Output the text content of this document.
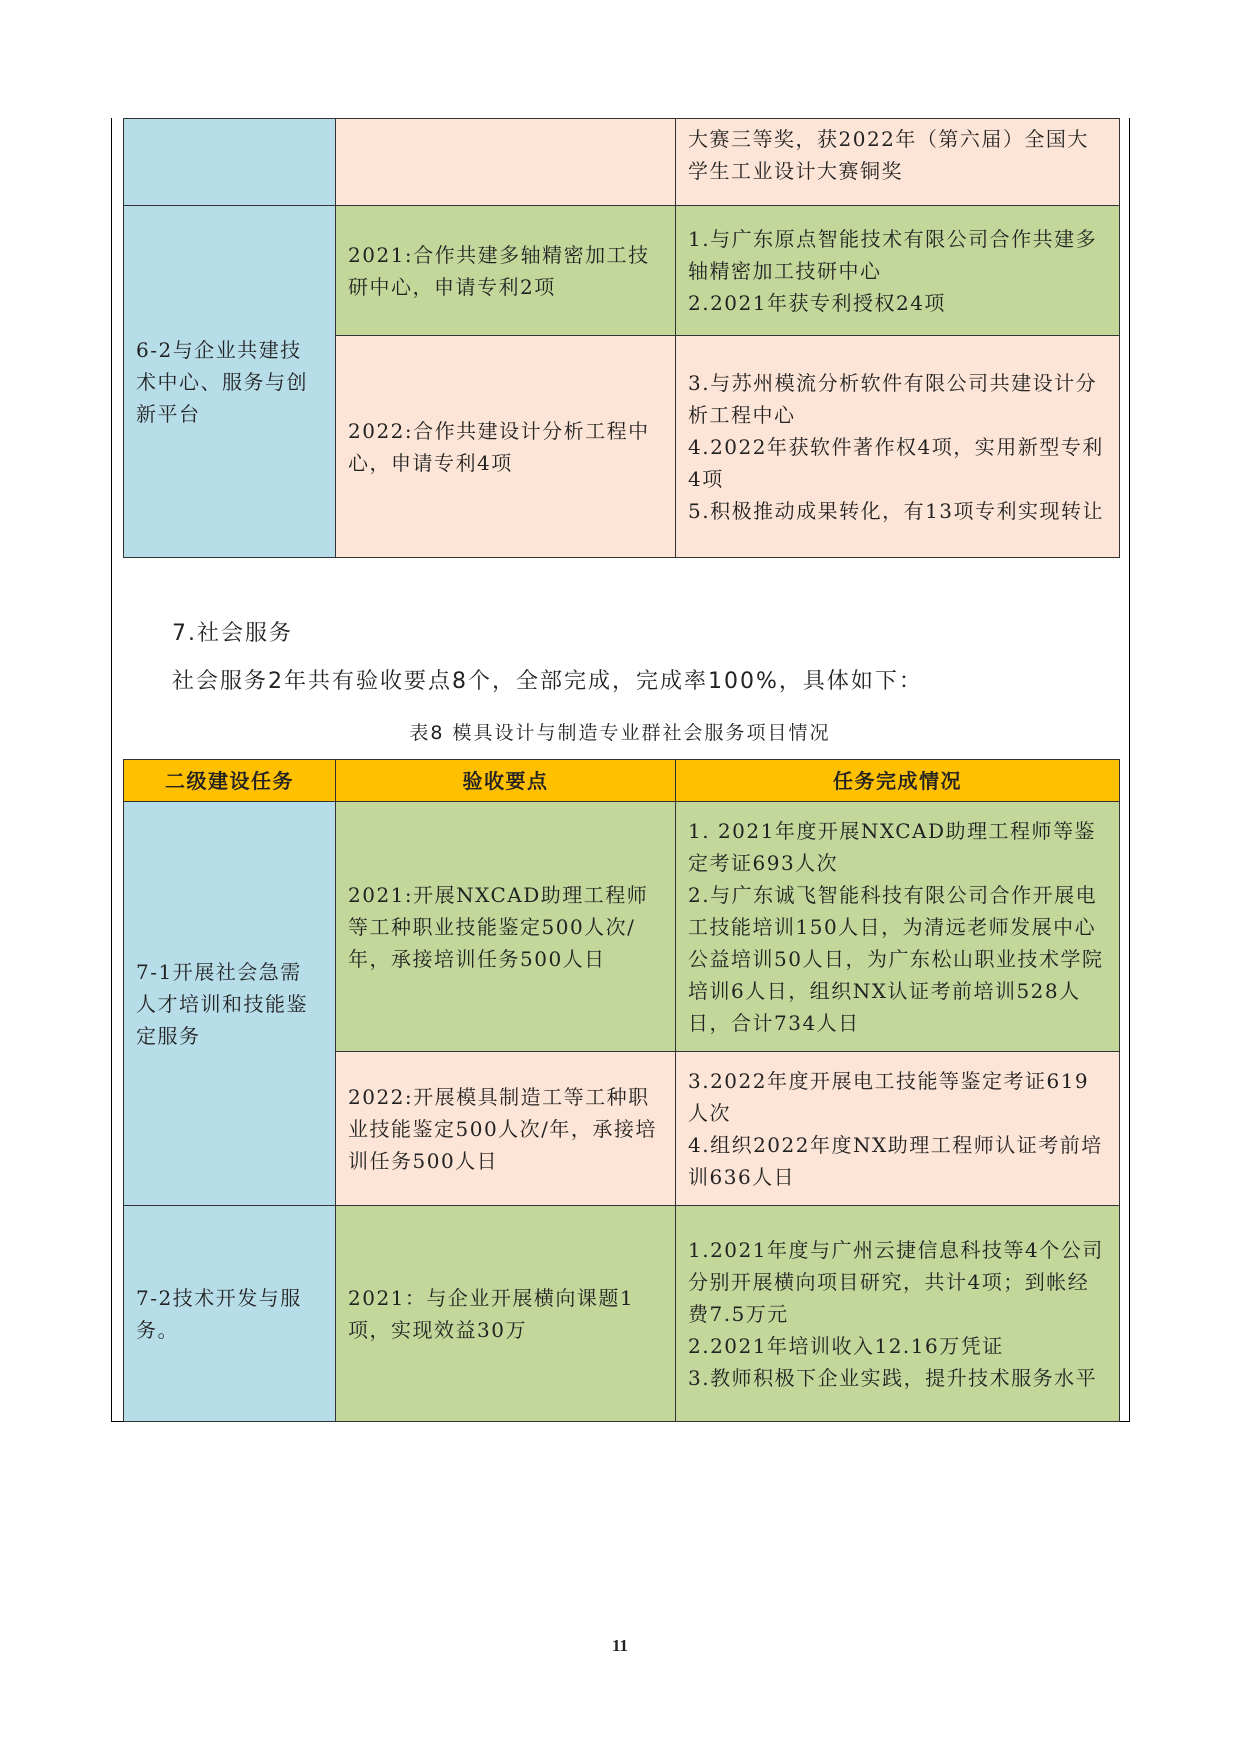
		大赛三等奖，获2022年（第六届）全国大学生工业设计大赛铜奖

6-2与企业共建技术中心、服务与创新平台	2021:合作共建多轴精密加工技研中心，申请专利2项	1.与广东原点智能技术有限公司合作共建多轴精密加工技研中心
2.2021年获专利授权24项

	2022:合作共建设计分析工程中心，申请专利4项	3.与苏州模流分析软件有限公司共建设计分析工程中心
4.2022年获软件著作权4项，实用新型专利4项
5.积极推动成果转化，有13项专利实现转让
7.社会服务
社会服务2年共有验收要点8个，全部完成，完成率100%，具体如下：
表8 模具设计与制造专业群社会服务项目情况
二级建设任务	验收要点	任务完成情况

7-1开展社会急需人才培训和技能鉴定服务	2021:开展NXCAD助理工程师等工种职业技能鉴定500人次/年，承接培训任务500人日	1. 2021年度开展NXCAD助理工程师等鉴定考证693人次
2.与广东诚飞智能科技有限公司合作开展电工技能培训150人日，为清远老师发展中心公益培训50人日，为广东松山职业技术学院培训6人日，组织NX认证考前培训528人日，合计734人日

	2022:开展模具制造工等工种职业技能鉴定500人次/年，承接培训任务500人日	3.2022年度开展电工技能等鉴定考证619人次
4.组织2022年度NX助理工程师认证考前培训636人日

7-2技术开发与服务。	2021：与企业开展横向课题1项，实现效益30万	1.2021年度与广州云捷信息科技等4个公司分别开展横向项目研究，共计4项；到帐经费7.5万元
2.2021年培训收入12.16万凭证
3.教师积极下企业实践，提升技术服务水平
11
